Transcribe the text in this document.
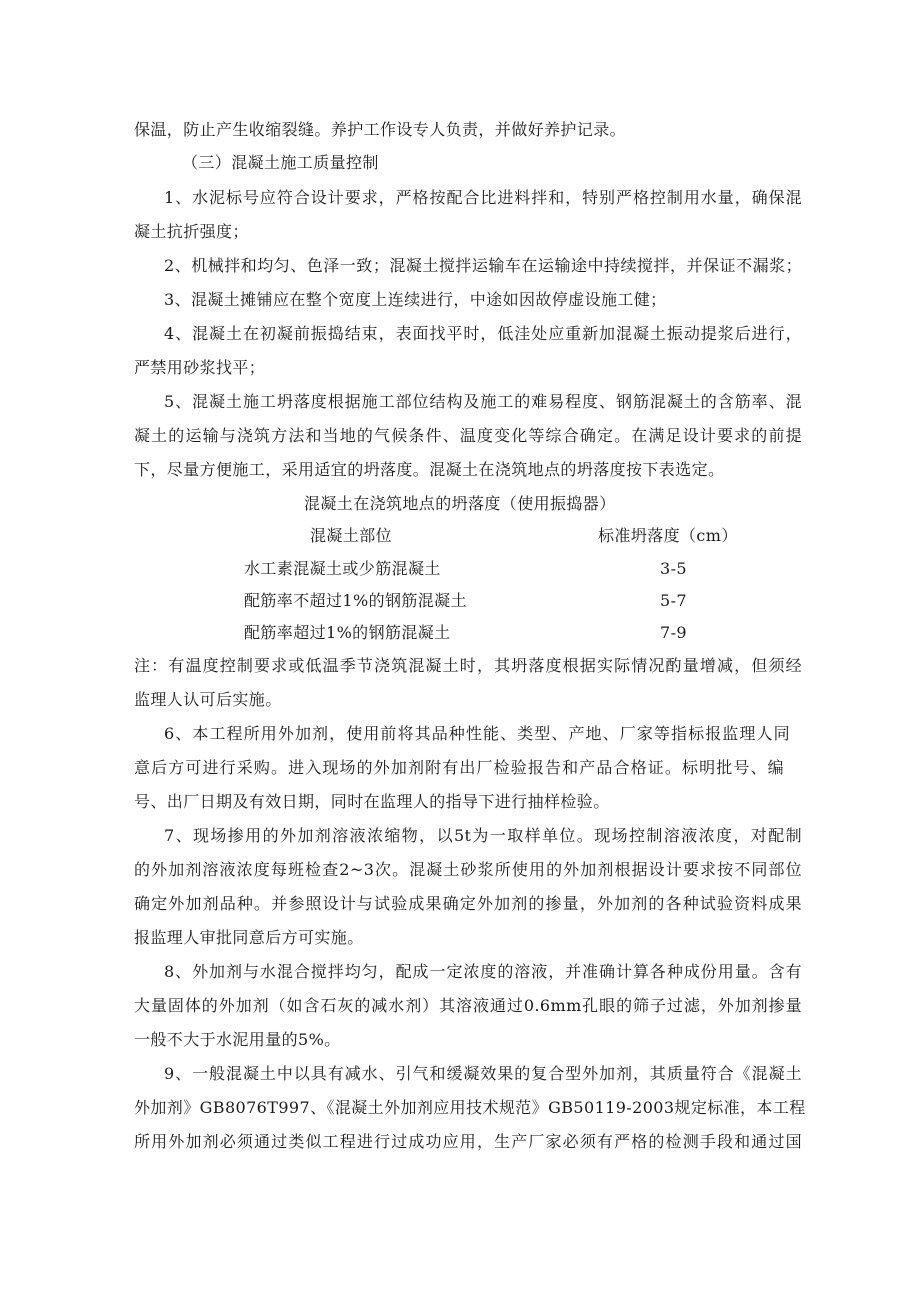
保温，防止产生收缩裂缝。养护工作设专人负责，并做好养护记录。
（三）混凝土施工质量控制
1、水泥标号应符合设计要求，严格按配合比进料拌和，特别严格控制用水量，确保混
凝土抗折强度；
2、机械拌和均匀、色泽一致；混凝土搅拌运输车在运输途中持续搅拌，并保证不漏浆；
3、混凝土摊铺应在整个宽度上连续进行，中途如因故停虚设施工健；
4、混凝土在初凝前振捣结束，表面找平时，低洼处应重新加混凝土振动提浆后进行，
严禁用砂浆找平；
5、混凝土施工坍落度根据施工部位结构及施工的难易程度、钢筋混凝土的含筋率、混
凝土的运输与浇筑方法和当地的气候条件、温度变化等综合确定。在满足设计要求的前提
下，尽量方便施工，采用适宜的坍落度。混凝土在浇筑地点的坍落度按下表选定。
混凝土在浇筑地点的坍落度（使用振捣器）
混凝土部位	标准坍落度（cm）
水工素混凝土或少筋混凝土	3-5
配筋率不超过1%的钢筋混凝土	5-7
配筋率超过1%的钢筋混凝土	7-9
注：有温度控制要求或低温季节浇筑混凝土时，其坍落度根据实际情况酌量增减，但须经
监理人认可后实施。
6、本工程所用外加剂，使用前将其品种性能、类型、产地、厂家等指标报监理人同
意后方可进行采购。进入现场的外加剂附有出厂检验报告和产品合格证。标明批号、编
号、出厂日期及有效日期，同时在监理人的指导下进行抽样检验。
7、现场掺用的外加剂溶液浓缩物，以5t为一取样单位。现场控制溶液浓度，对配制
的外加剂溶液浓度每班检查2~3次。混凝土砂浆所使用的外加剂根据设计要求按不同部位
确定外加剂品种。并参照设计与试验成果确定外加剂的掺量，外加剂的各种试验资料成果
报监理人审批同意后方可实施。
8、外加剂与水混合搅拌均匀，配成一定浓度的溶液，并准确计算各种成份用量。含有
大量固体的外加剂（如含石灰的减水剂）其溶液通过0.6mm孔眼的筛子过滤，外加剂掺量
一般不大于水泥用量的5%。
9、一般混凝土中以具有减水、引气和缓凝效果的复合型外加剂，其质量符合《混凝土
外加剂》GB8076T997、《混凝土外加剂应用技术规范》GB50119-2003规定标准，本工程
所用外加剂必须通过类似工程进行过成功应用，生产厂家必须有严格的检测手段和通过国
